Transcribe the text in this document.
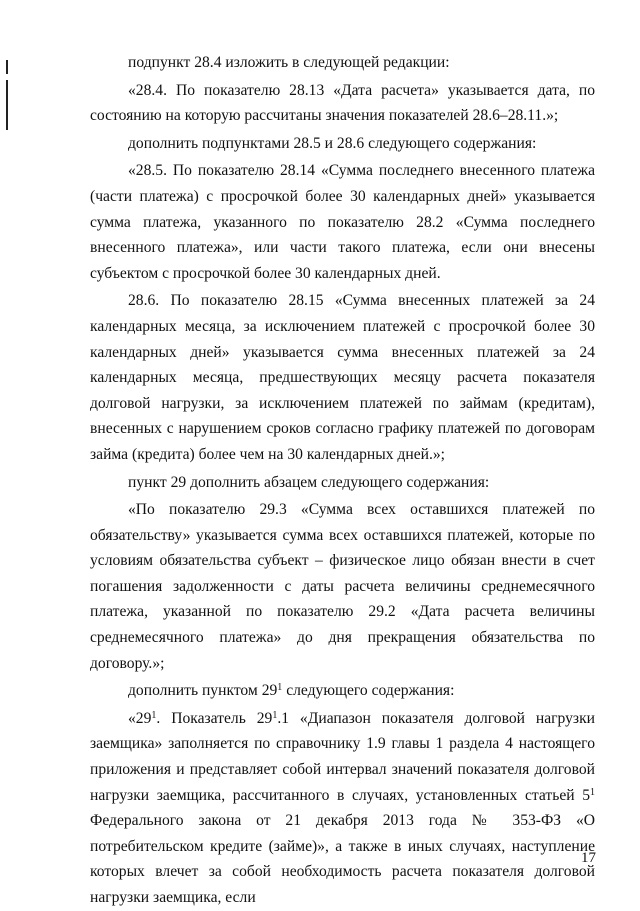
подпункт 28.4 изложить в следующей редакции:

«28.4. По показателю 28.13 «Дата расчета» указывается дата, по состоянию на которую рассчитаны значения показателей 28.6–28.11.»;

дополнить подпунктами 28.5 и 28.6 следующего содержания:

«28.5. По показателю 28.14 «Сумма последнего внесенного платежа (части платежа) с просрочкой более 30 календарных дней» указывается сумма платежа, указанного по показателю 28.2 «Сумма последнего внесенного платежа», или части такого платежа, если они внесены субъектом с просрочкой более 30 календарных дней.

28.6. По показателю 28.15 «Сумма внесенных платежей за 24 календарных месяца, за исключением платежей с просрочкой более 30 календарных дней» указывается сумма внесенных платежей за 24 календарных месяца, предшествующих месяцу расчета показателя долговой нагрузки, за исключением платежей по займам (кредитам), внесенных с нарушением сроков согласно графику платежей по договорам займа (кредита) более чем на 30 календарных дней.»;

пункт 29 дополнить абзацем следующего содержания:

«По показателю 29.3 «Сумма всех оставшихся платежей по обязательству» указывается сумма всех оставшихся платежей, которые по условиям обязательства субъект – физическое лицо обязан внести в счет погашения задолженности с даты расчета величины среднемесячного платежа, указанной по показателю 29.2 «Дата расчета величины среднемесячного платежа» до дня прекращения обязательства по договору.»;

дополнить пунктом $29^1$ следующего содержания:

«$29^1$. Показатель $29^1.1$ «Диапазон показателя долговой нагрузки заемщика» заполняется по справочнику 1.9 главы 1 раздела 4 настоящего приложения и представляет собой интервал значений показателя долговой нагрузки заемщика, рассчитанного в случаях, установленных статьей $5^1$ Федерального закона от 21 декабря 2013 года № 353-ФЗ «О потребительском кредите (займе)», а также в иных случаях, наступление которых влечет за собой необходимость расчета показателя долговой нагрузки заемщика, если

17
